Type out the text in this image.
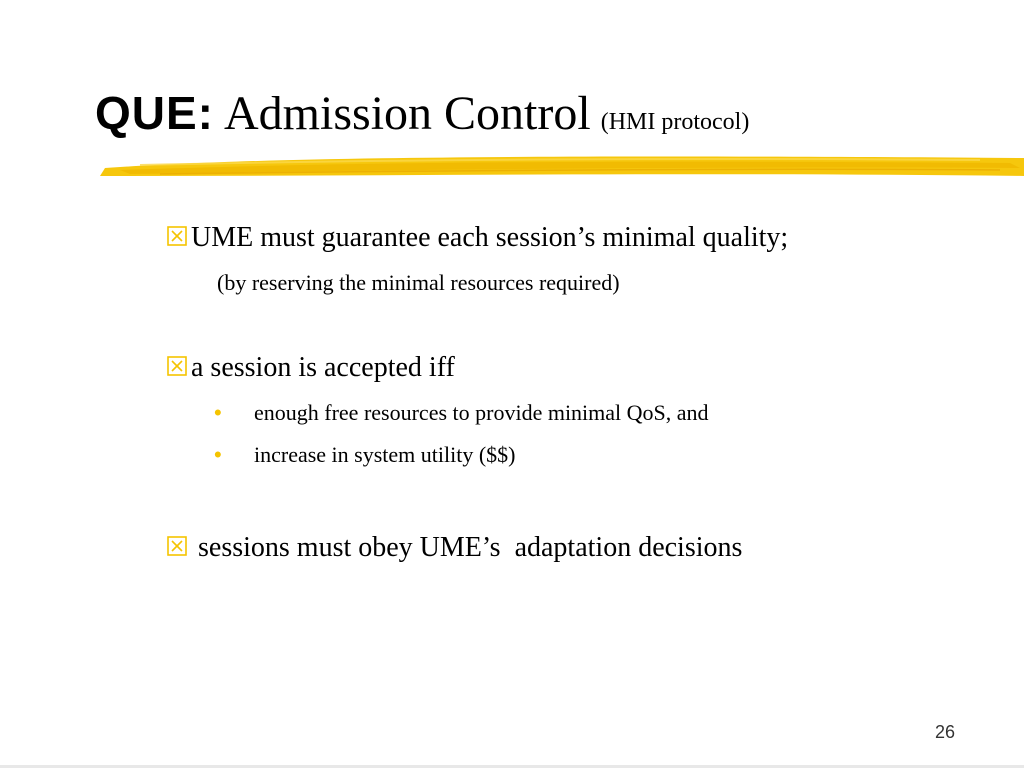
QUE: Admission Control (HMI protocol)
UME must guarantee each session’s minimal quality;
(by reserving the minimal resources required)
a session is accepted iff
•	enough free resources to provide minimal QoS, and
•	increase in system utility ($$)
sessions must obey UME’s  adaptation decisions
26
